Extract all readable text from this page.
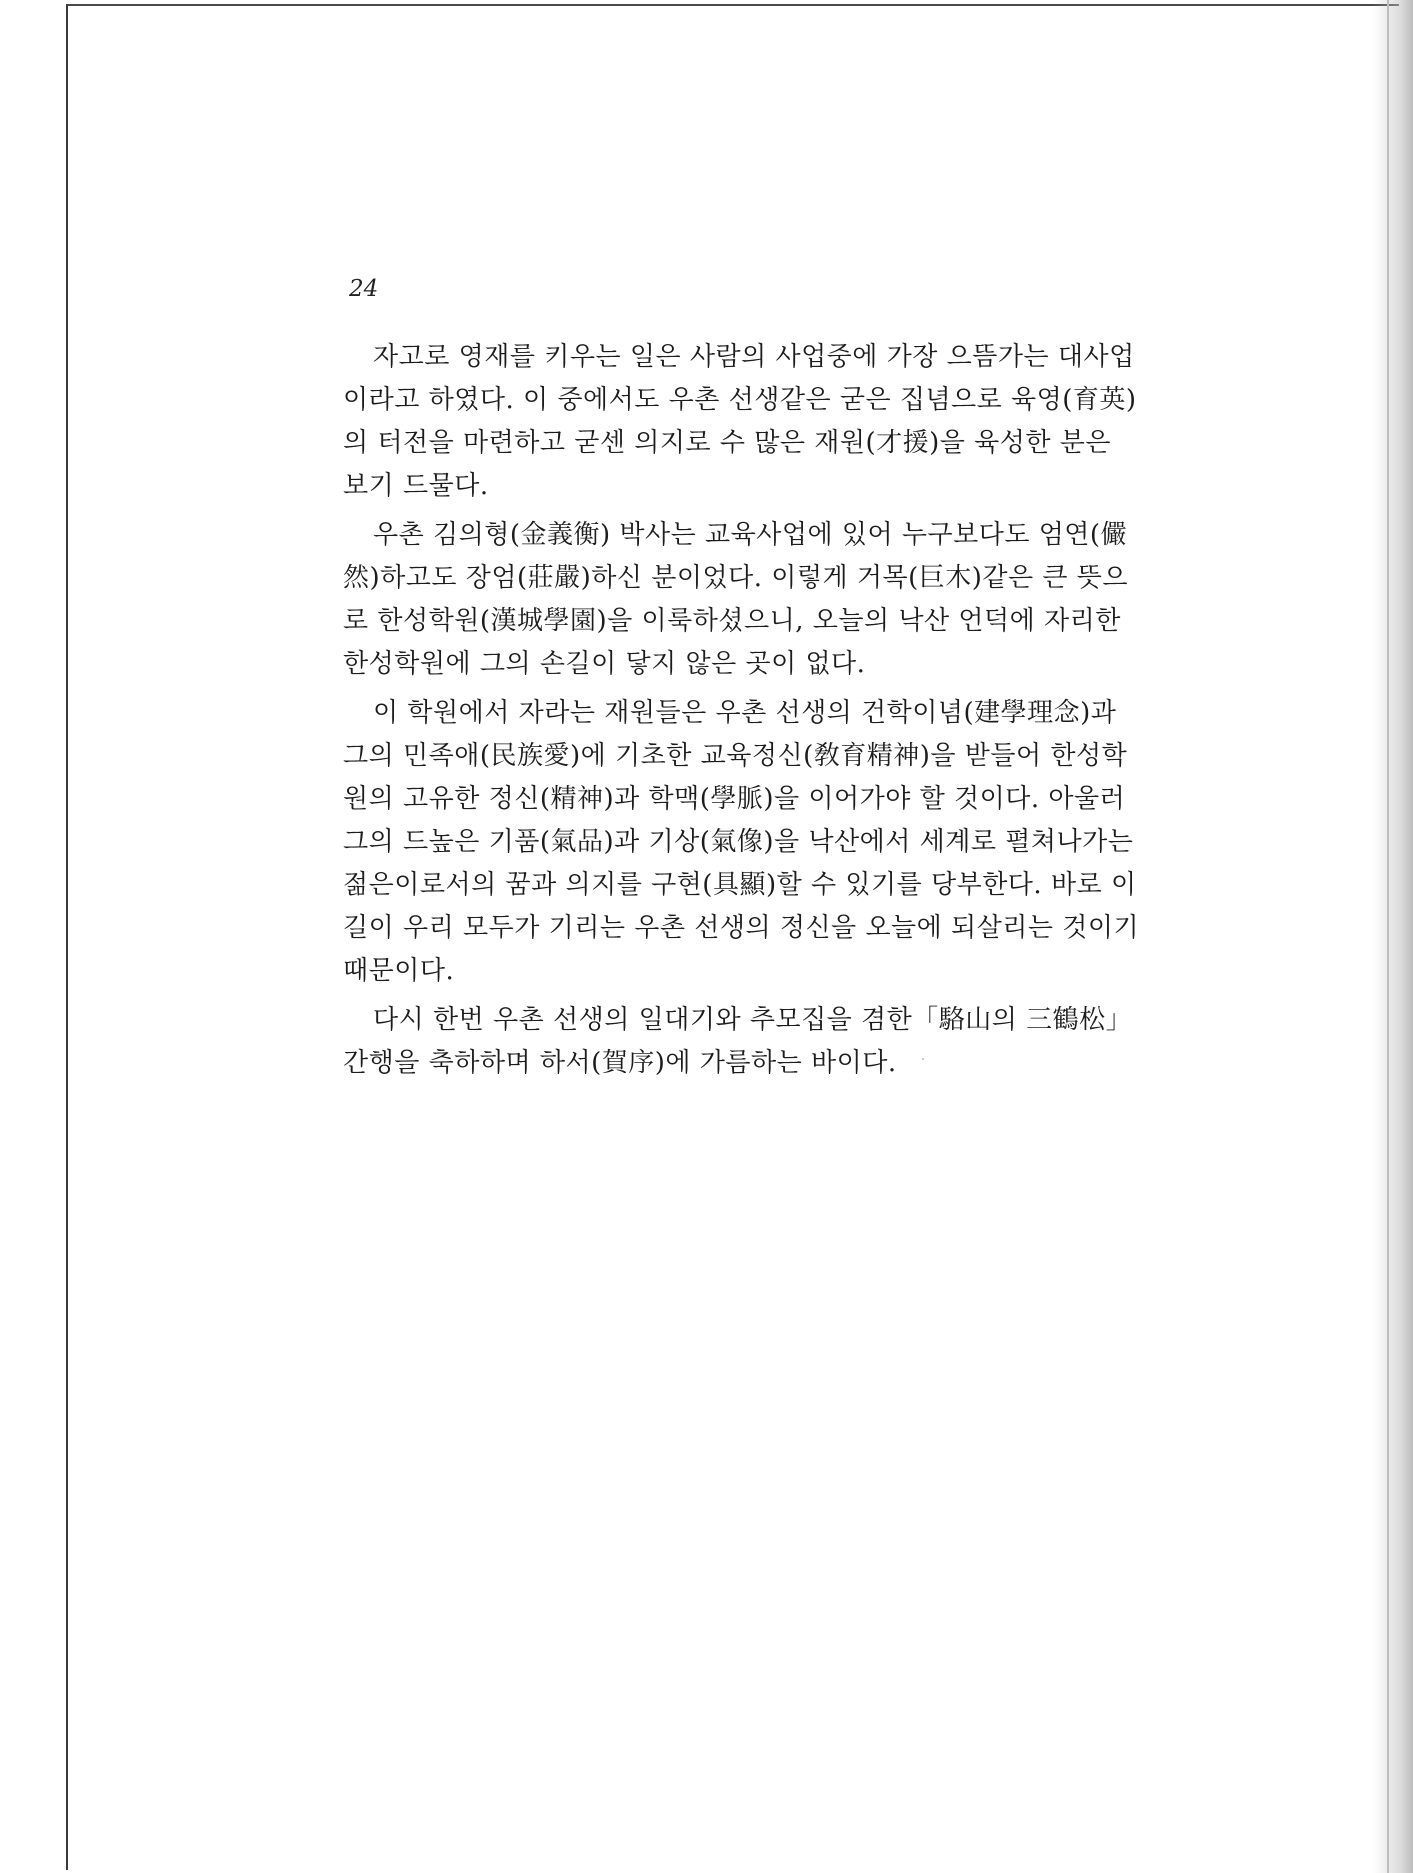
24

자고로 영재를 키우는 일은 사람의 사업중에 가장 으뜸가는 대사업
이라고 하였다. 이 중에서도 우촌 선생같은 굳은 집념으로 육영(育英)
의 터전을 마련하고 굳센 의지로 수 많은 재원(才援)을 육성한 분은
보기 드물다.
우촌 김의형(金義衡) 박사는 교육사업에 있어 누구보다도 엄연(儼
然)하고도 장엄(莊嚴)하신 분이었다. 이렇게 거목(巨木)같은 큰 뜻으
로 한성학원(漢城學園)을 이룩하셨으니, 오늘의 낙산 언덕에 자리한
한성학원에 그의 손길이 닿지 않은 곳이 없다.
이 학원에서 자라는 재원들은 우촌 선생의 건학이념(建學理念)과
그의 민족애(民族愛)에 기초한 교육정신(敎育精神)을 받들어 한성학
원의 고유한 정신(精神)과 학맥(學脈)을 이어가야 할 것이다. 아울러
그의 드높은 기품(氣品)과 기상(氣像)을 낙산에서 세계로 펼쳐나가는
젊은이로서의 꿈과 의지를 구현(具顯)할 수 있기를 당부한다. 바로 이
길이 우리 모두가 기리는 우촌 선생의 정신을 오늘에 되살리는 것이기
때문이다.
다시 한번 우촌 선생의 일대기와 추모집을 겸한「駱山의 三鶴松」
간행을 축하하며 하서(賀序)에 가름하는 바이다.
